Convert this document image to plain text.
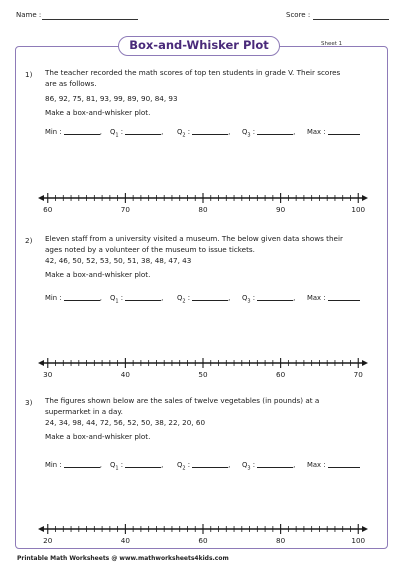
Name :	Score :
Box-and-Whisker Plot	Sheet 1
1) The teacher recorded the math scores of top ten students in grade V. Their scores

are as follows.

86, 92, 75, 81, 93, 99, 89, 90, 84, 93

Make a box-and-whisker plot.

Min :	, $Q_1$ :	, $Q_2$ :	, $Q_3$ :	, Max :
60	70	80	90	100
2) Eleven staff from a university visited a museum. The below given data shows their

ages noted by a volunteer of the museum to issue tickets.

42, 46, 50, 52, 53, 50, 51, 38, 48, 47, 43

Make a box-and-whisker plot.

Min :	, $Q_1$ :	, $Q_2$ :	, $Q_3$ :	, Max :
30	40	50	60	70
3) The figures shown below are the sales of twelve vegetables (in pounds) at a

supermarket in a day.

24, 34, 98, 44, 72, 56, 52, 50, 38, 22, 20, 60

Make a box-and-whisker plot.

Min :	, $Q_1$ :	, $Q_2$ :	, $Q_3$ :	, Max :
20	40	60	80	100
Printable Math Worksheets @ www.mathworksheets4kids.com
